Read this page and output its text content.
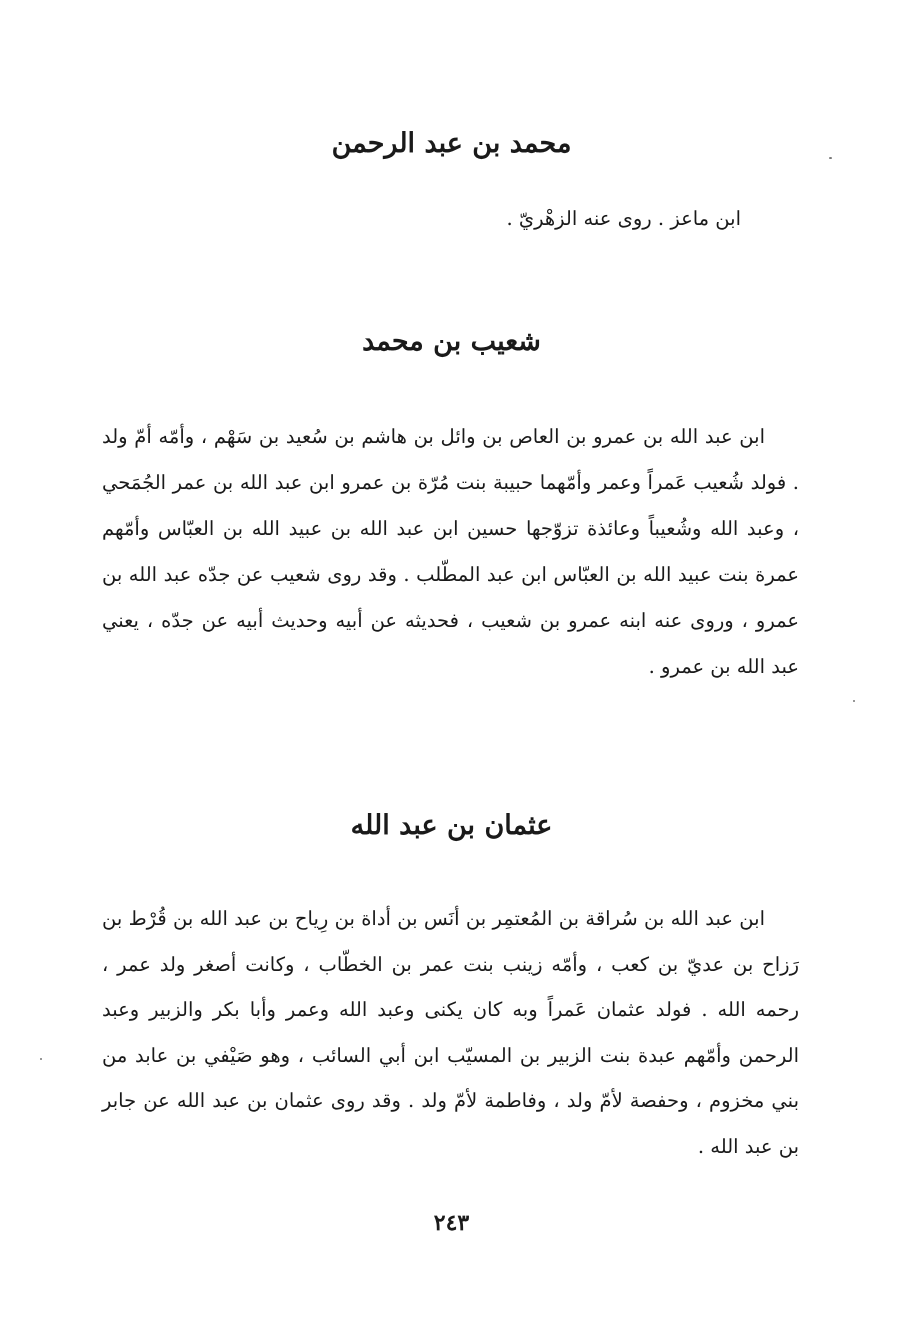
محمد بن عبد الرحمن
ابن ماعز . روى عنه الزهْريّ .
شعيب بن محمد

ابن عبد الله بن عمرو بن العاص بن وائل بن هاشم بن سُعيد بن سَهْم ، وأمّه أمّ ولد . فولد شُعيب عَمراً وعمر وأمّهما حبيبة بنت مُرّة بن عمرو ابن عبد الله بن عمر الجُمَحي ، وعبد الله وشُعيباً وعائذة تزوّجها حسين ابن عبد الله بن عبيد الله بن العبّاس وأمّهم عمرة بنت عبيد الله بن العبّاس ابن عبد المطّلب . وقد روى شعيب عن جدّه عبد الله بن عمرو ، وروى عنه ابنه عمرو بن شعيب ، فحديثه عن أبيه وحديث أبيه عن جدّه ، يعني عبد الله بن عمرو .

عثمان بن عبد الله

ابن عبد الله بن سُراقة بن المُعتمِر بن أنَس بن أداة بن رِياح بن عبد الله بن قُرْط بن رَزاح بن عديّ بن كعب ، وأمّه زينب بنت عمر بن الخطّاب ، وكانت أصغر ولد عمر ، رحمه الله . فولد عثمان عَمراً وبه كان يكنى وعبد الله وعمر وأبا بكر والزبير وعبد الرحمن وأمّهم عبدة بنت الزبير بن المسيّب ابن أبي السائب ، وهو صَيْفي بن عابد من بني مخزوم ، وحفصة لأمّ ولد ، وفاطمة لأمّ ولد . وقد روى عثمان بن عبد الله عن جابر بن عبد الله .

٢٤٣
